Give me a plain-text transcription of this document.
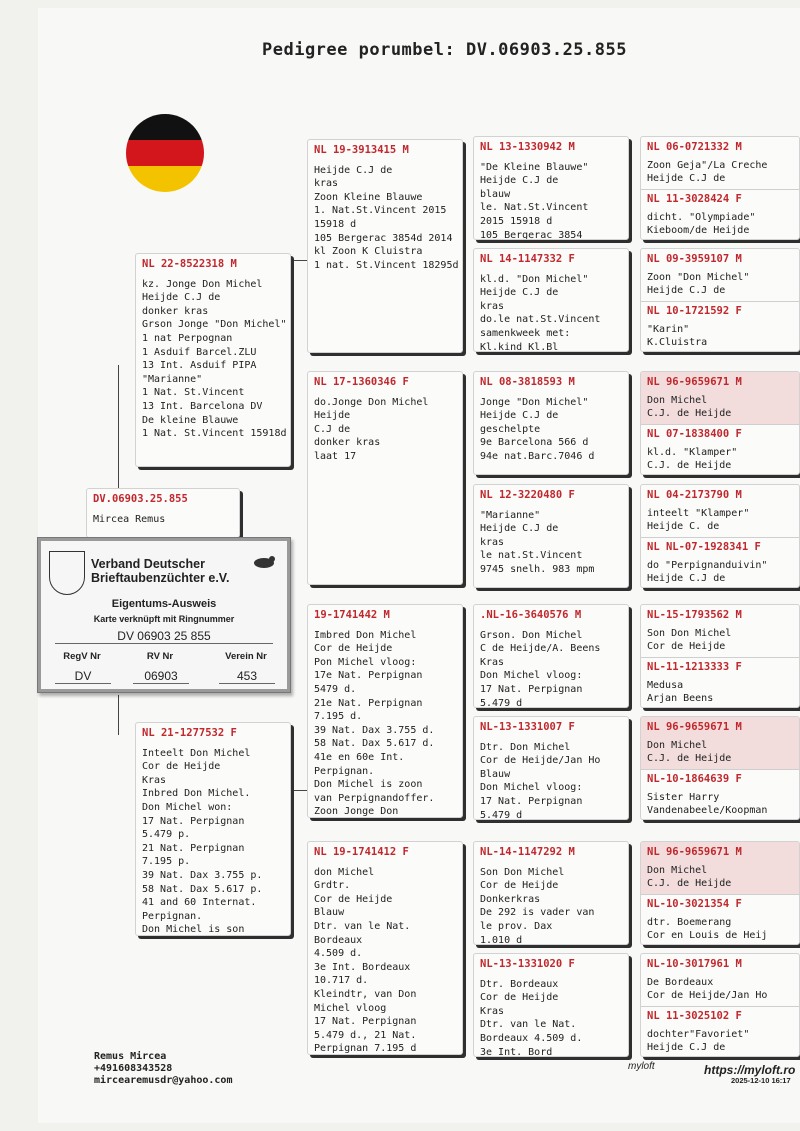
Pedigree porumbel: DV.06903.25.855
DV.06903.25.855
Mircea Remus
NL 22-8522318 M
kz. Jonge Don Michel
Heijde C.J de
donker kras
Grson Jonge "Don Michel"
1 nat Perpognan
1 Asduif Barcel.ZLU
13 Int. Asduif PIPA
"Marianne"
1 Nat. St.Vincent
13 Int. Barcelona DV
De kleine Blauwe
1 Nat. St.Vincent 15918d
NL 21-1277532 F
Inteelt Don Michel
Cor de Heijde
Kras
Inbred Don Michel.
Don Michel won:
17 Nat. Perpignan
5.479 p.
21 Nat. Perpignan
7.195 p.
39 Nat. Dax 3.755 p.
58 Nat. Dax 5.617 p.
41 and 60 Internat.
Perpignan.
Don Michel is son
NL 19-3913415 M
Heijde C.J de
kras
Zoon Kleine Blauwe
1. Nat.St.Vincent 2015
15918 d
105 Bergerac 3854d 2014
kl Zoon K Cluistra
1 nat. St.Vincent 18295d
NL 17-1360346 F
do.Jonge Don Michel
Heijde
C.J de
donker kras
laat 17
19-1741442 M
Imbred Don Michel
Cor de Heijde
Pon Michel vloog:
17e Nat. Perpignan
5479 d.
21e Nat. Perpignan
7.195 d.
39 Nat. Dax 3.755 d.
58 Nat. Dax 5.617 d.
41e en 60e Int.
Perpignan.
Don Michel is zoon
van Perpignandoffer.
Zoon Jonge Don
NL 19-1741412 F
don Michel
Grdtr.
Cor de Heijde
Blauw
Dtr. van le Nat.
Bordeaux
4.509 d.
3e Int. Bordeaux
10.717 d.
Kleindtr, van Don
Michel vloog
17 Nat. Perpignan
5.479 d., 21 Nat.
Perpignan 7.195 d
NL 13-1330942 M
"De Kleine Blauwe"
Heijde C.J de
blauw
le. Nat.St.Vincent
2015 15918 d
105 Bergerac 3854
NL 14-1147332 F
kl.d. "Don Michel"
Heijde C.J de
kras
do.le nat.St.Vincent
samenkweek met:
Kl.kind Kl.Bl
NL 08-3818593 M
Jonge "Don Michel"
Heijde C.J de
geschelpte
9e Barcelona 566 d
94e nat.Barc.7046 d
NL 12-3220480 F
"Marianne"
Heijde C.J de
kras
le nat.St.Vincent
9745 snelh. 983 mpm
.NL-16-3640576 M
Grson. Don Michel
C de Heijde/A. Beens
Kras
Don Michel vloog:
17 Nat. Perpignan
5.479 d
NL-13-1331007 F
Dtr. Don Michel
Cor de Heijde/Jan Ho
Blauw
Don Michel vloog:
17 Nat. Perpignan
5.479 d
NL-14-1147292 M
Son Don Michel
Cor de Heijde
Donkerkras
De 292 is vader van
le prov. Dax
1.010 d
NL-13-1331020 F
Dtr. Bordeaux
Cor de Heijde
Kras
Dtr. van le Nat.
Bordeaux 4.509 d.
3e Int. Bord
NL 06-0721332 M
Zoon Geja"/La Creche
Heijde C.J de
NL 11-3028424 F
dicht. "Olympiade"
Kieboom/de Heijde
NL 09-3959107 M
Zoon "Don Michel"
Heijde C.J de
NL 10-1721592 F
"Karin"
K.Cluistra
NL 96-9659671 M
Don Michel
C.J. de Heijde
NL 07-1838400 F
kl.d. "Klamper"
C.J. de Heijde
NL 04-2173790 M
inteelt "Klamper"
Heijde C. de
NL NL-07-1928341 F
do "Perpignanduivin"
Heijde C.J de
NL-15-1793562 M
Son Don Michel
Cor de Heijde
NL-11-1213333 F
Medusa
Arjan Beens
NL 96-9659671 M
Don Michel
C.J. de Heijde
NL-10-1864639 F
Sister Harry
Vandenabeele/Koopman
NL 96-9659671 M
Don Michel
C.J. de Heijde
NL-10-3021354 F
dtr. Boemerang
Cor en Louis de Heij
NL-10-3017961 M
De Bordeaux
Cor de Heijde/Jan Ho
NL 11-3025102 F
dochter"Favoriet"
Heijde C.J de
Verband Deutscher
Brieftaubenzüchter e.V.
Eigentums-Ausweis
Karte verknüpft mit Ringnummer
DV 06903 25 855
RegV Nr	RV Nr	Verein Nr
DV	06903	453
Remus Mircea
+491608343528
mircearemusdr@yahoo.com
myloft	https://myloft.ro
2025-12-10 16:17
